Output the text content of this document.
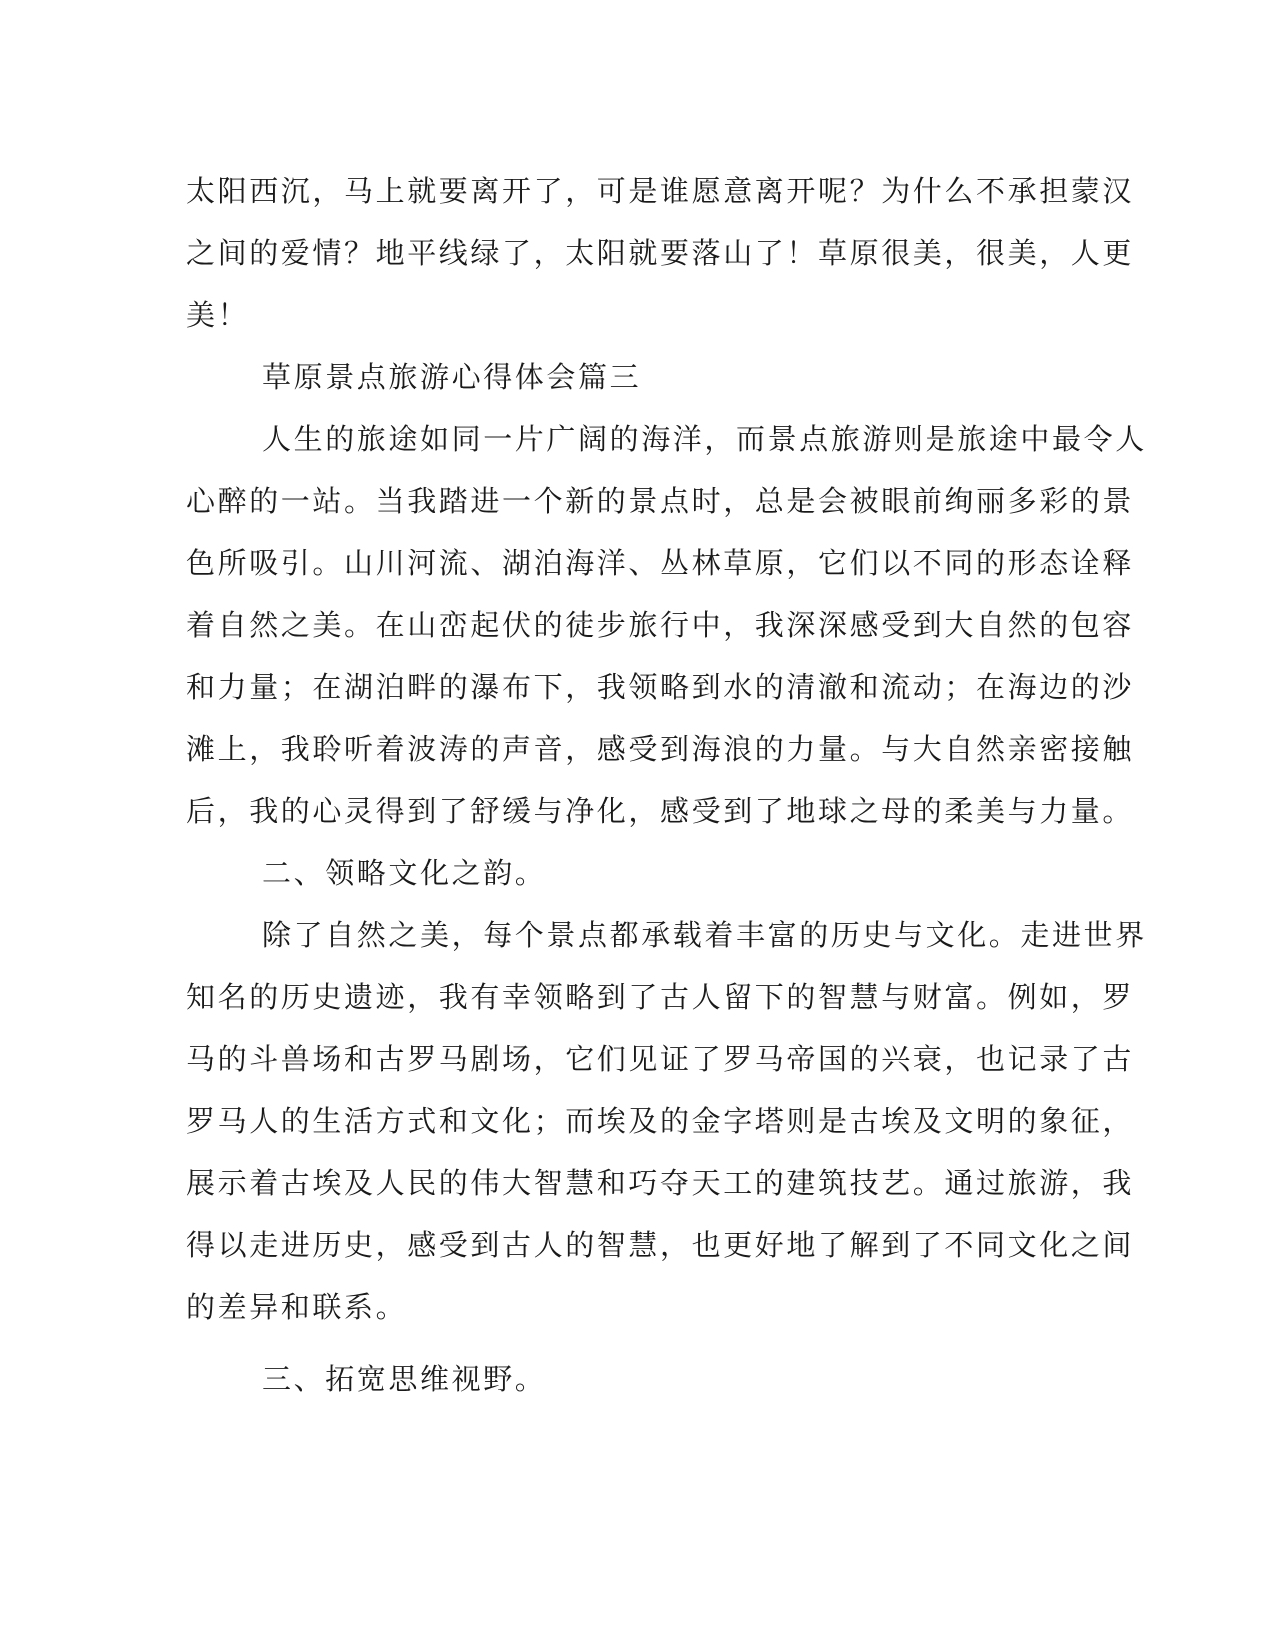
太阳西沉，马上就要离开了，可是谁愿意离开呢？为什么不承担蒙汉
之间的爱情？地平线绿了，太阳就要落山了！草原很美，很美，人更
美！
草原景点旅游心得体会篇三
人生的旅途如同一片广阔的海洋，而景点旅游则是旅途中最令人
心醉的一站。当我踏进一个新的景点时，总是会被眼前绚丽多彩的景
色所吸引。山川河流、湖泊海洋、丛林草原，它们以不同的形态诠释
着自然之美。在山峦起伏的徒步旅行中，我深深感受到大自然的包容
和力量；在湖泊畔的瀑布下，我领略到水的清澈和流动；在海边的沙
滩上，我聆听着波涛的声音，感受到海浪的力量。与大自然亲密接触
后，我的心灵得到了舒缓与净化，感受到了地球之母的柔美与力量。
二、领略文化之韵。
除了自然之美，每个景点都承载着丰富的历史与文化。走进世界
知名的历史遗迹，我有幸领略到了古人留下的智慧与财富。例如，罗
马的斗兽场和古罗马剧场，它们见证了罗马帝国的兴衰，也记录了古
罗马人的生活方式和文化；而埃及的金字塔则是古埃及文明的象征，
展示着古埃及人民的伟大智慧和巧夺天工的建筑技艺。通过旅游，我
得以走进历史，感受到古人的智慧，也更好地了解到了不同文化之间
的差异和联系。
三、拓宽思维视野。
